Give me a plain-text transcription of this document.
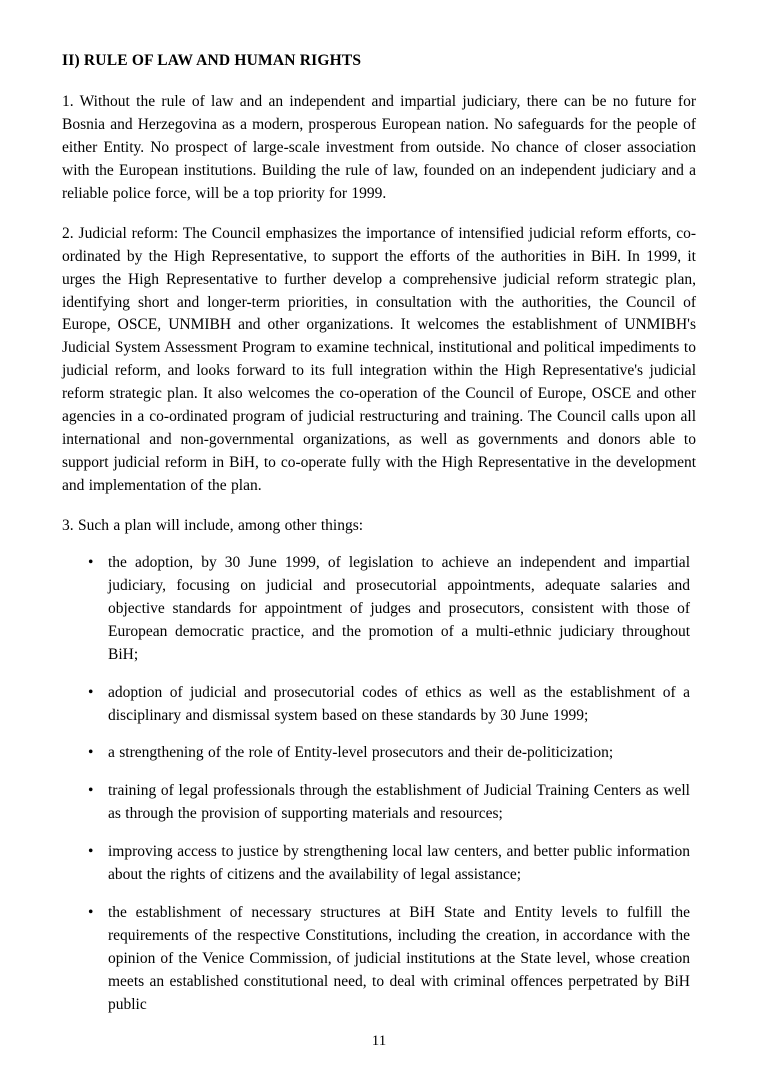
II) RULE OF LAW AND HUMAN RIGHTS

1. Without the rule of law and an independent and impartial judiciary, there can be no future for Bosnia and Herzegovina as a modern, prosperous European nation. No safeguards for the people of either Entity. No prospect of large-scale investment from outside. No chance of closer association with the European institutions. Building the rule of law, founded on an independent judiciary and a reliable police force, will be a top priority for 1999.

2. Judicial reform: The Council emphasizes the importance of intensified judicial reform efforts, co-ordinated by the High Representative, to support the efforts of the authorities in BiH. In 1999, it urges the High Representative to further develop a comprehensive judicial reform strategic plan, identifying short and longer-term priorities, in consultation with the authorities, the Council of Europe, OSCE, UNMIBH and other organizations. It welcomes the establishment of UNMIBH's Judicial System Assessment Program to examine technical, institutional and political impediments to judicial reform, and looks forward to its full integration within the High Representative's judicial reform strategic plan. It also welcomes the co-operation of the Council of Europe, OSCE and other agencies in a co-ordinated program of judicial restructuring and training. The Council calls upon all international and non-governmental organizations, as well as governments and donors able to support judicial reform in BiH, to co-operate fully with the High Representative in the development and implementation of the plan.

3. Such a plan will include, among other things:

• the adoption, by 30 June 1999, of legislation to achieve an independent and impartial judiciary, focusing on judicial and prosecutorial appointments, adequate salaries and objective standards for appointment of judges and prosecutors, consistent with those of European democratic practice, and the promotion of a multi-ethnic judiciary throughout BiH;
• adoption of judicial and prosecutorial codes of ethics as well as the establishment of a disciplinary and dismissal system based on these standards by 30 June 1999;
• a strengthening of the role of Entity-level prosecutors and their de-politicization;
• training of legal professionals through the establishment of Judicial Training Centers as well as through the provision of supporting materials and resources;
• improving access to justice by strengthening local law centers, and better public information about the rights of citizens and the availability of legal assistance;
• the establishment of necessary structures at BiH State and Entity levels to fulfill the requirements of the respective Constitutions, including the creation, in accordance with the opinion of the Venice Commission, of judicial institutions at the State level, whose creation meets an established constitutional need, to deal with criminal offences perpetrated by BiH public
11
